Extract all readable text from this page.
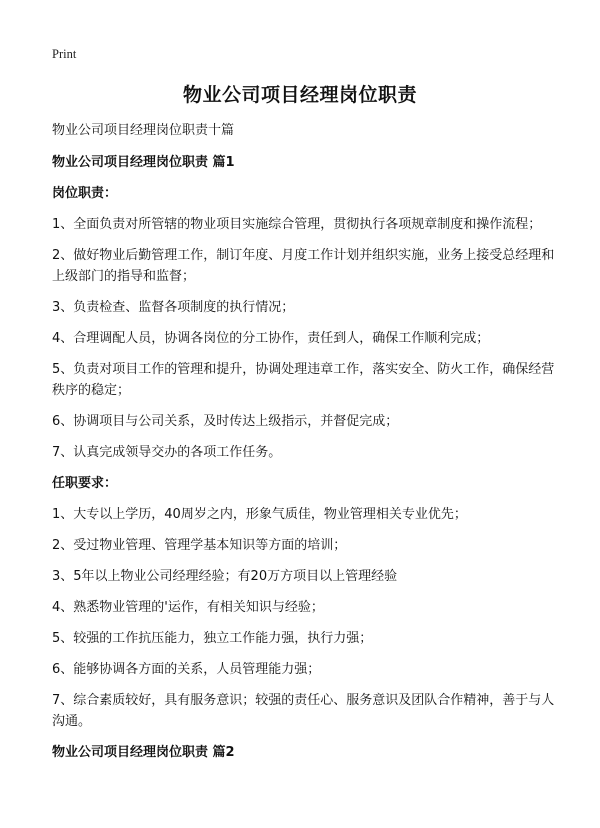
Print
物业公司项目经理岗位职责

物业公司项目经理岗位职责十篇

物业公司项目经理岗位职责 篇1

岗位职责：

1、全面负责对所管辖的物业项目实施综合管理，贯彻执行各项规章制度和操作流程；

2、做好物业后勤管理工作，制订年度、月度工作计划并组织实施，业务上接受总经理和上级部门的指导和监督；

3、负责检查、监督各项制度的执行情况；

4、合理调配人员，协调各岗位的分工协作，责任到人，确保工作顺利完成；

5、负责对项目工作的管理和提升，协调处理违章工作，落实安全、防火工作，确保经营秩序的稳定；

6、协调项目与公司关系，及时传达上级指示，并督促完成；

7、认真完成领导交办的各项工作任务。

任职要求：

1、大专以上学历，40周岁之内，形象气质佳，物业管理相关专业优先；

2、受过物业管理、管理学基本知识等方面的培训；

3、5年以上物业公司经理经验；有20万方项目以上管理经验

4、熟悉物业管理的'运作，有相关知识与经验；

5、较强的工作抗压能力，独立工作能力强，执行力强；

6、能够协调各方面的关系，人员管理能力强；

7、综合素质较好，具有服务意识；较强的责任心、服务意识及团队合作精神，善于与人沟通。

物业公司项目经理岗位职责 篇2
